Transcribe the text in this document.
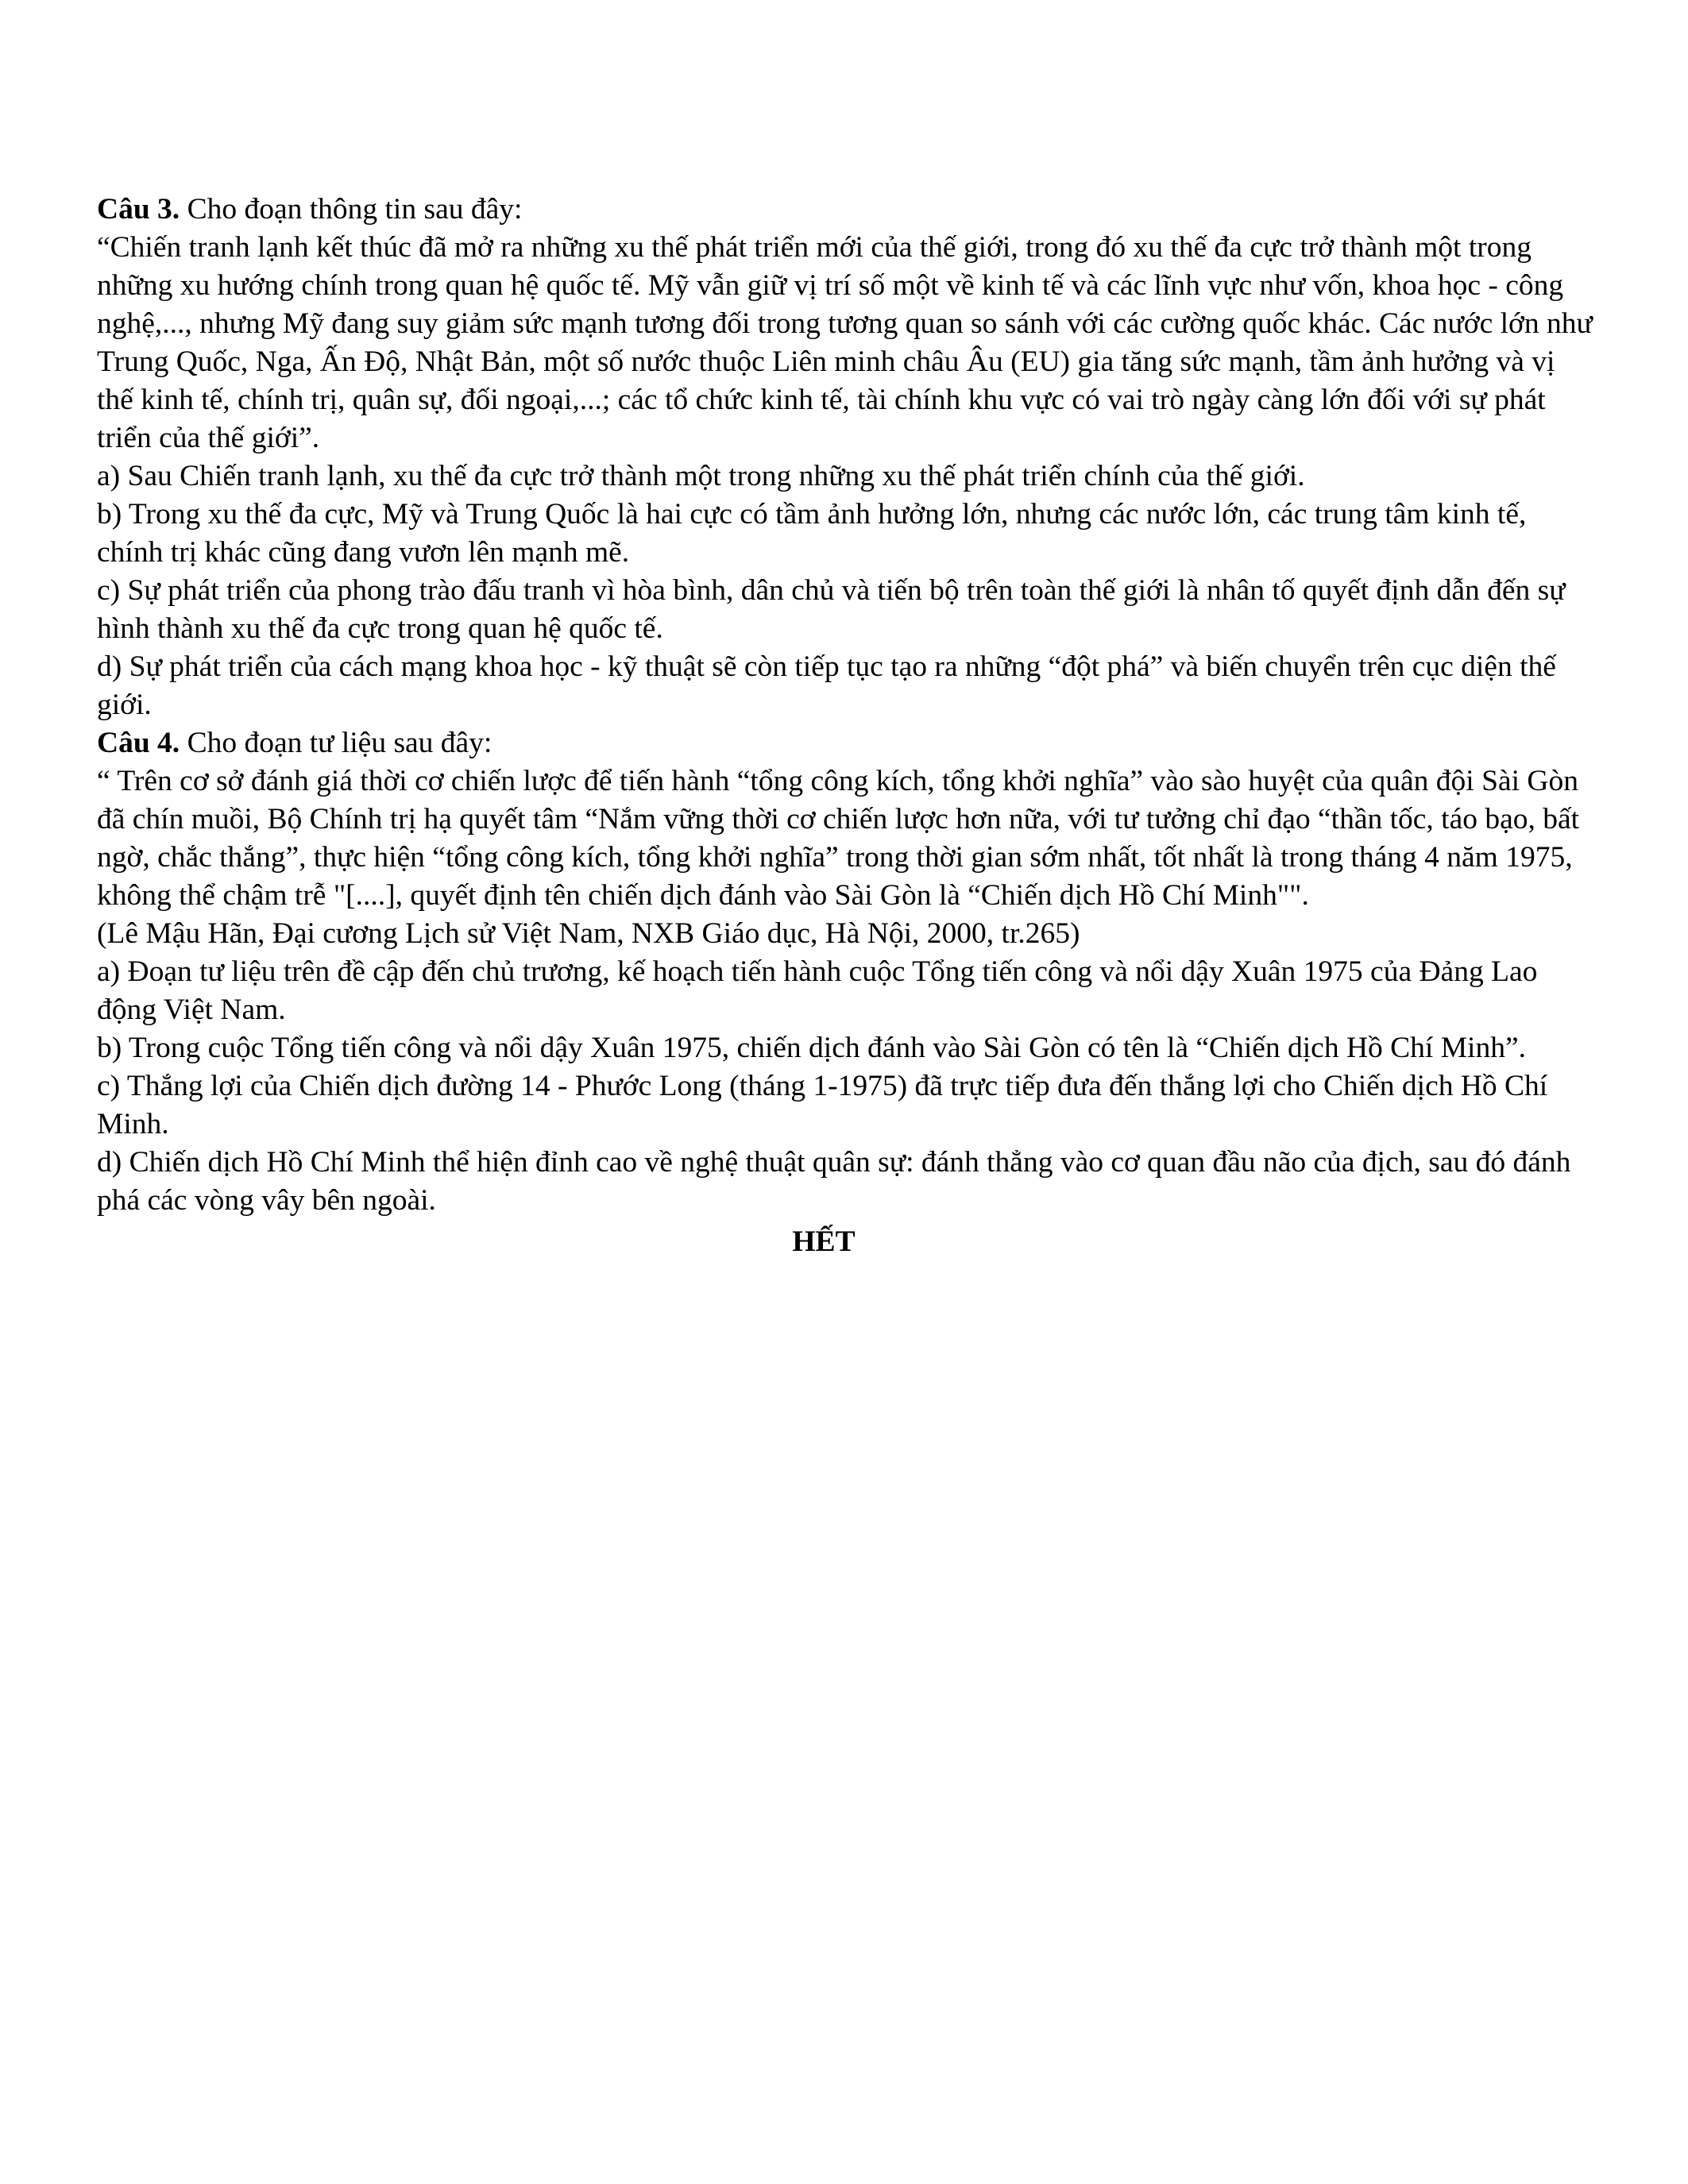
Câu 3. Cho đoạn thông tin sau đây:

“Chiến tranh lạnh kết thúc đã mở ra những xu thế phát triển mới của thế giới, trong đó xu thế đa cực trở thành một trong những xu hướng chính trong quan hệ quốc tế. Mỹ vẫn giữ vị trí số một về kinh tế và các lĩnh vực như vốn, khoa học - công nghệ,..., nhưng Mỹ đang suy giảm sức mạnh tương đối trong tương quan so sánh với các cường quốc khác. Các nước lớn như Trung Quốc, Nga, Ấn Độ, Nhật Bản, một số nước thuộc Liên minh châu Âu (EU) gia tăng sức mạnh, tầm ảnh hưởng và vị thế kinh tế, chính trị, quân sự, đối ngoại,...; các tổ chức kinh tế, tài chính khu vực có vai trò ngày càng lớn đối với sự phát triển của thế giới”.

a) Sau Chiến tranh lạnh, xu thế đa cực trở thành một trong những xu thế phát triển chính của thế giới.

b) Trong xu thế đa cực, Mỹ và Trung Quốc là hai cực có tầm ảnh hưởng lớn, nhưng các nước lớn, các trung tâm kinh tế, chính trị khác cũng đang vươn lên mạnh mẽ.

c) Sự phát triển của phong trào đấu tranh vì hòa bình, dân chủ và tiến bộ trên toàn thế giới là nhân tố quyết định dẫn đến sự hình thành xu thế đa cực trong quan hệ quốc tế.

d) Sự phát triển của cách mạng khoa học - kỹ thuật sẽ còn tiếp tục tạo ra những “đột phá” và biến chuyển trên cục diện thế giới.

Câu 4. Cho đoạn tư liệu sau đây:

“ Trên cơ sở đánh giá thời cơ chiến lược để tiến hành “tổng công kích, tổng khởi nghĩa” vào sào huyệt của quân đội Sài Gòn đã chín muồi, Bộ Chính trị hạ quyết tâm “Nắm vững thời cơ chiến lược hơn nữa, với tư tưởng chỉ đạo “thần tốc, táo bạo, bất ngờ, chắc thắng”, thực hiện “tổng công kích, tổng khởi nghĩa” trong thời gian sớm nhất, tốt nhất là trong tháng 4 năm 1975, không thể chậm trễ "[....], quyết định tên chiến dịch đánh vào Sài Gòn là “Chiến dịch Hồ Chí Minh"".

(Lê Mậu Hãn, Đại cương Lịch sử Việt Nam, NXB Giáo dục, Hà Nội, 2000, tr.265)

a) Đoạn tư liệu trên đề cập đến chủ trương, kế hoạch tiến hành cuộc Tổng tiến công và nổi dậy Xuân 1975 của Đảng Lao động Việt Nam.

b) Trong cuộc Tổng tiến công và nổi dậy Xuân 1975, chiến dịch đánh vào Sài Gòn có tên là “Chiến dịch Hồ Chí Minh”.

c) Thắng lợi của Chiến dịch đường 14 - Phước Long (tháng 1-1975) đã trực tiếp đưa đến thắng lợi cho Chiến dịch Hồ Chí Minh.

d) Chiến dịch Hồ Chí Minh thể hiện đỉnh cao về nghệ thuật quân sự: đánh thẳng vào cơ quan đầu não của địch, sau đó đánh phá các vòng vây bên ngoài.

HẾT
